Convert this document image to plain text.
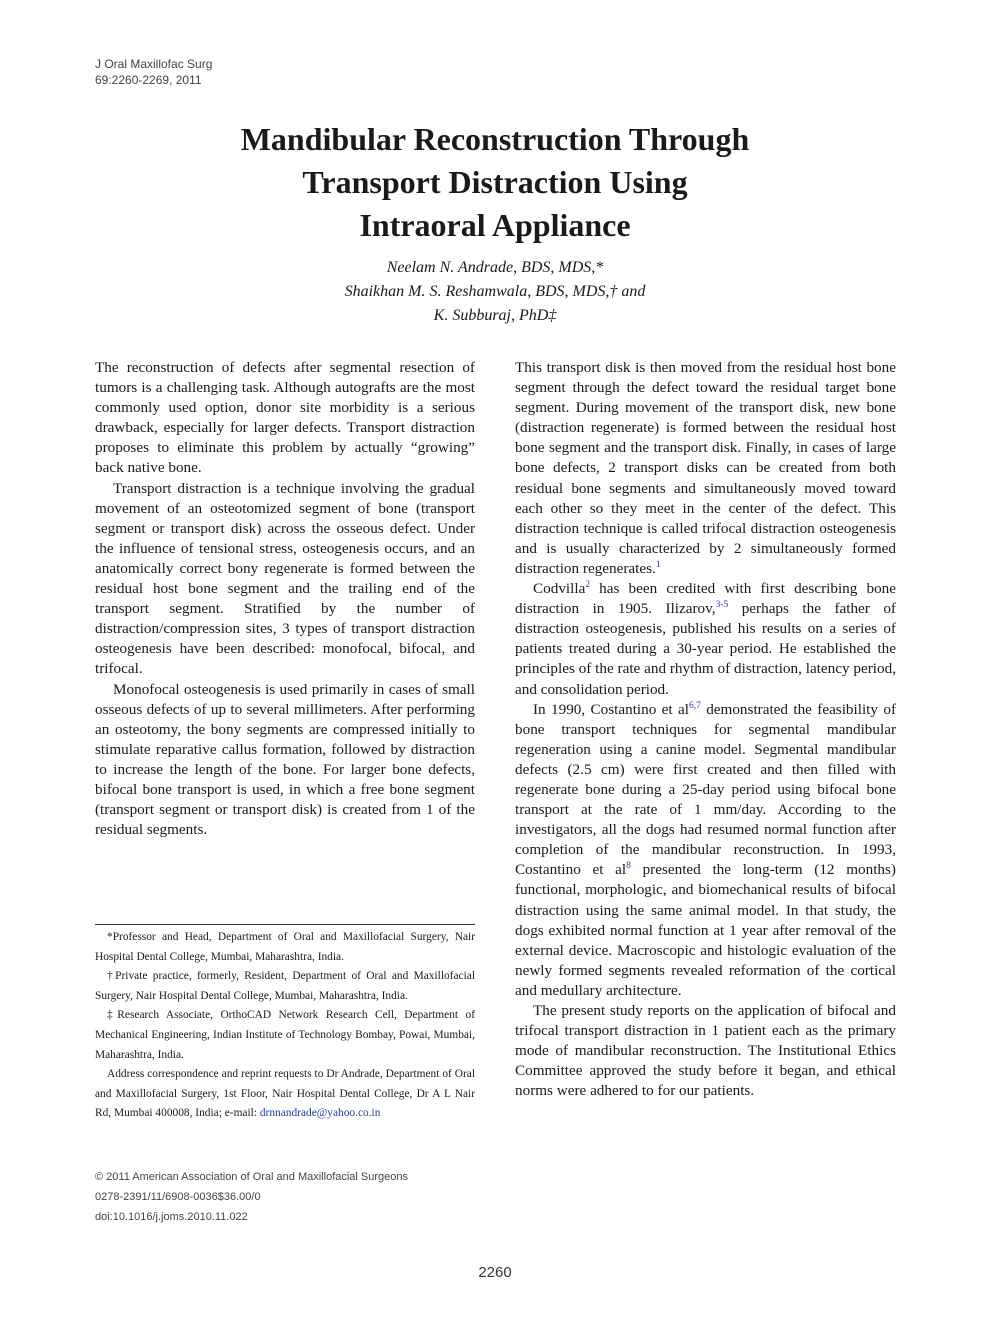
J Oral Maxillofac Surg
69:2260-2269, 2011
Mandibular Reconstruction Through
Transport Distraction Using
Intraoral Appliance
Neelam N. Andrade, BDS, MDS,*
Shaikhan M. S. Reshamwala, BDS, MDS,† and
K. Subburaj, PhD‡

The reconstruction of defects after segmental resection of tumors is a challenging task. Although autografts are the most commonly used option, donor site morbidity is a serious drawback, especially for larger defects. Transport distraction proposes to eliminate this problem by actually “growing” back native bone.

Transport distraction is a technique involving the gradual movement of an osteotomized segment of bone (transport segment or transport disk) across the osseous defect. Under the influence of tensional stress, osteogenesis occurs, and an anatomically correct bony regenerate is formed between the residual host bone segment and the trailing end of the transport segment. Stratified by the number of distraction/compression sites, 3 types of transport distraction osteogenesis have been described: monofocal, bifocal, and trifocal.

Monofocal osteogenesis is used primarily in cases of small osseous defects of up to several millimeters. After performing an osteotomy, the bony segments are compressed initially to stimulate reparative callus formation, followed by distraction to increase the length of the bone. For larger bone defects, bifocal bone transport is used, in which a free bone segment (transport segment or transport disk) is created from 1 of the residual segments.

*Professor and Head, Department of Oral and Maxillofacial Surgery, Nair Hospital Dental College, Mumbai, Maharashtra, India.

†Private practice, formerly, Resident, Department of Oral and Maxillofacial Surgery, Nair Hospital Dental College, Mumbai, Maharashtra, India.

‡Research Associate, OrthoCAD Network Research Cell, Department of Mechanical Engineering, Indian Institute of Technology Bombay, Powai, Mumbai, Maharashtra, India.

Address correspondence and reprint requests to Dr Andrade, Department of Oral and Maxillofacial Surgery, 1st Floor, Nair Hospital Dental College, Dr A L Nair Rd, Mumbai 400008, India; e-mail: drnnandrade@yahoo.co.in

© 2011 American Association of Oral and Maxillofacial Surgeons
0278-2391/11/6908-0036$36.00/0
doi:10.1016/j.joms.2010.11.022

This transport disk is then moved from the residual host bone segment through the defect toward the residual target bone segment. During movement of the transport disk, new bone (distraction regenerate) is formed between the residual host bone segment and the transport disk. Finally, in cases of large bone defects, 2 transport disks can be created from both residual bone segments and simultaneously moved toward each other so they meet in the center of the defect. This distraction technique is called trifocal distraction osteogenesis and is usually characterized by 2 simultaneously formed distraction regenerates.$^1$

Codvilla$^2$ has been credited with first describing bone distraction in 1905. Ilizarov,$^{3-5}$ perhaps the father of distraction osteogenesis, published his results on a series of patients treated during a 30-year period. He established the principles of the rate and rhythm of distraction, latency period, and consolidation period.

In 1990, Costantino et al$^{6,7}$ demonstrated the feasibility of bone transport techniques for segmental mandibular regeneration using a canine model. Segmental mandibular defects (2.5 cm) were first created and then filled with regenerate bone during a 25-day period using bifocal bone transport at the rate of 1 mm/day. According to the investigators, all the dogs had resumed normal function after completion of the mandibular reconstruction. In 1993, Costantino et $al^8$ presented the long-term (12 months) functional, morphologic, and biomechanical results of bifocal distraction using the same animal model. In that study, the dogs exhibited normal function at 1 year after removal of the external device. Macroscopic and histologic evaluation of the newly formed segments revealed reformation of the cortical and medullary architecture.

The present study reports on the application of bifocal and trifocal transport distraction in 1 patient each as the primary mode of mandibular reconstruction. The Institutional Ethics Committee approved the study before it began, and ethical norms were adhered to for our patients.

2260
